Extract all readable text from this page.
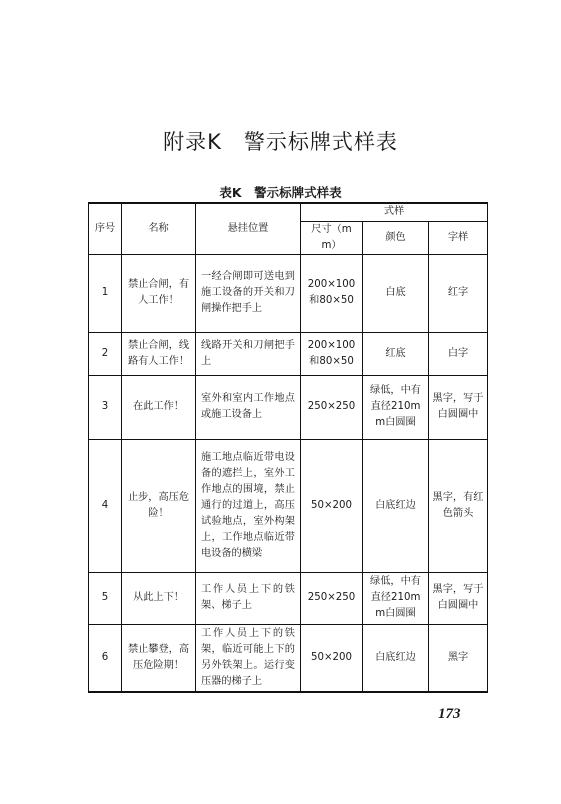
附录K　警示标牌式样表
表K　警示标牌式样表
序号	名称	悬挂位置	式样		
			尺寸（mm）	颜色	字样
1	禁止合闸，有人工作！	一经合闸即可送电到施工设备的开关和刀闸操作把手上	200×100和80×50	白底	红字
2	禁止合闸，线路有人工作！	线路开关和刀闸把手上	200×100和80×50	红底	白字
3	在此工作！	室外和室内工作地点或施工设备上	250×250	绿低，中有直径210mm白圆圈	黑字，写于白圆圈中
4	止步，高压危险！	施工地点临近带电设备的遮拦上，室外工作地点的围境，禁止通行的过道上，高压试验地点，室外构架上，工作地点临近带电设备的横梁	50×200	白底红边	黑字，有红色箭头
5	从此上下！	工作人员上下的铁架、梯子上	250×250	绿低，中有直径210mm白圆圈	黑字，写于白圆圈中
6	禁止攀登，高压危险期！	工作人员上下的铁架，临近可能上下的另外铁架上。运行变压器的梯子上	50×200	白底红边	黑字
173
